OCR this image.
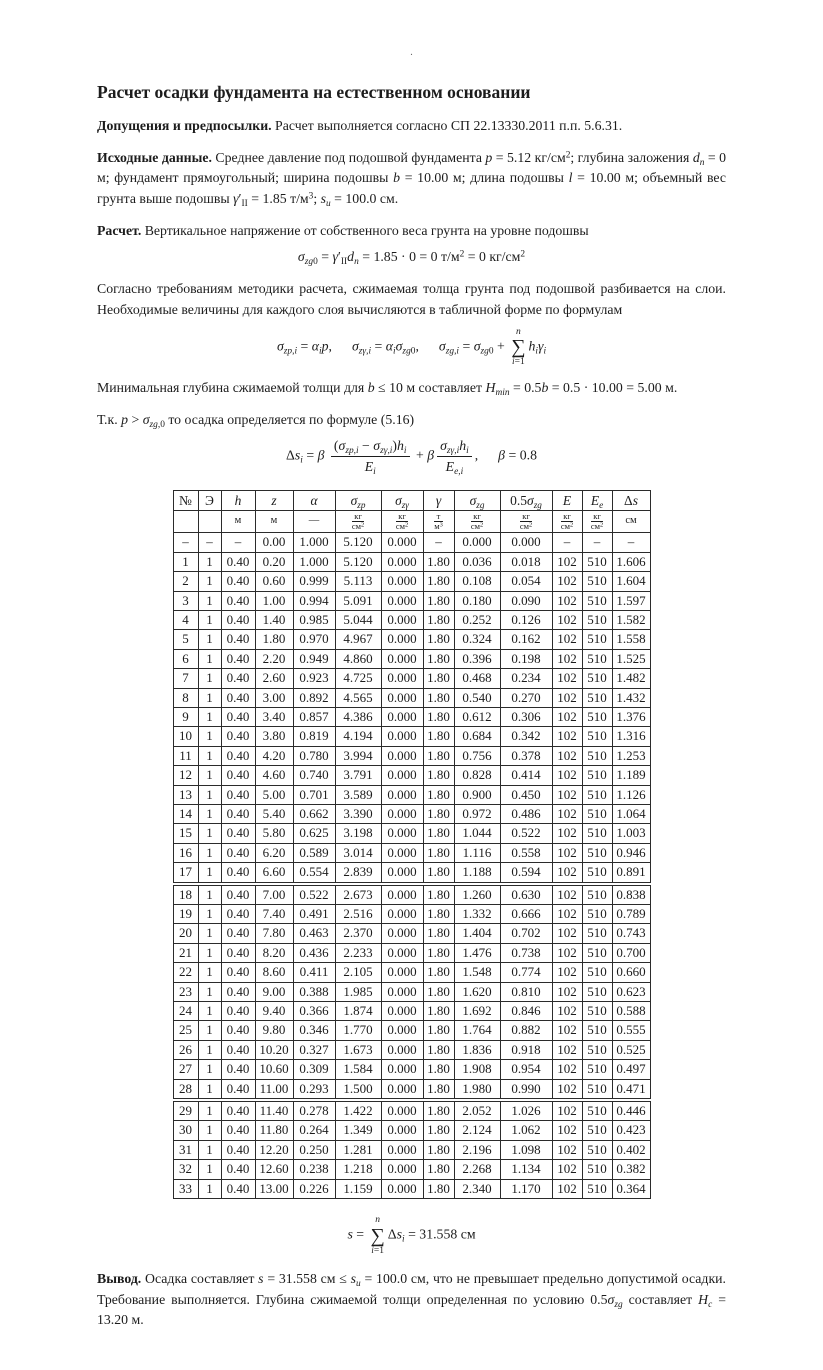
.
Расчет осадки фундамента на естественном основании

Допущения и предпосылки. Расчет выполняется согласно СП 22.13330.2011 п.п. 5.6.31.

Исходные данные. Среднее давление под подошвой фундамента p = 5.12 $кг/см^2$; глубина заложения $d_n = 0$ м; фундамент прямоугольный; ширина подошвы b = 10.00 м; длина подошвы l = 10.00 м; объемный вес грунта выше подошвы $\gamma'_{II} = 1.85$ $т/м^3$; $s_u = 100.0$ см.

Расчет. Вертикальное напряжение от собственного веса грунта на уровне подошвы

$\sigma_{zg0} = \gamma'_{II}d_n = 1.85 \cdot 0 = 0$ $т/м^2 = 0$ $кг/см^2$

Согласно требованиям методики расчета, сжимаемая толща грунта под подошвой разбивается на слои. Необходимые величины для каждого слоя вычисляются в табличной форме по формулам

$\sigma_{zp,i} = \alpha_ip$, $\sigma_{z\gamma,i} = \alpha_i\sigma_{zg0}$, $\sigma_{zg,i} = \sigma_{zg0}$ +
n
∑
i=1
$h_i\gamma_i$

Минимальная глубина сжимаемой толщи для b ≤ 10 м составляет $H_{min} = 0.5b = 0.5 \cdot 10.00 = 5.00$ м.

Т.к. $p > \sigma_{zg,0}$ то осадка определяется по формуле (5.16)

$\Delta s_i = \beta \frac{(\sigma_{zp,i} - \sigma_{z\gamma,i})h_i}{E_i} + \beta \frac{\sigma_{z\gamma,i}h_i}{E_{e,i}}$ , β = 0.8
№	Э	h	z	α	$\sigma_{zp}$	$\sigma_{z\gamma}$	γ	$\sigma_{zg}$	$0.5\sigma_{zg}$	E	$E_e$	Δs
		м	м	—	$\frac{кг}{см^2}$	$\frac{кг}{см^2}$	$\frac{т}{м^3}$	$\frac{кг}{см^2}$	$\frac{кг}{см^2}$	$\frac{кг}{см^2}$	$\frac{кг}{см^2}$	см
–	–	–	0.00	1.000	5.120	0.000	–	0.000	0.000	–	–	–
1	1	0.40	0.20	1.000	5.120	0.000	1.80	0.036	0.018	102	510	1.606
2	1	0.40	0.60	0.999	5.113	0.000	1.80	0.108	0.054	102	510	1.604
3	1	0.40	1.00	0.994	5.091	0.000	1.80	0.180	0.090	102	510	1.597
4	1	0.40	1.40	0.985	5.044	0.000	1.80	0.252	0.126	102	510	1.582
5	1	0.40	1.80	0.970	4.967	0.000	1.80	0.324	0.162	102	510	1.558
6	1	0.40	2.20	0.949	4.860	0.000	1.80	0.396	0.198	102	510	1.525
7	1	0.40	2.60	0.923	4.725	0.000	1.80	0.468	0.234	102	510	1.482
8	1	0.40	3.00	0.892	4.565	0.000	1.80	0.540	0.270	102	510	1.432
9	1	0.40	3.40	0.857	4.386	0.000	1.80	0.612	0.306	102	510	1.376
10	1	0.40	3.80	0.819	4.194	0.000	1.80	0.684	0.342	102	510	1.316
11	1	0.40	4.20	0.780	3.994	0.000	1.80	0.756	0.378	102	510	1.253
12	1	0.40	4.60	0.740	3.791	0.000	1.80	0.828	0.414	102	510	1.189
13	1	0.40	5.00	0.701	3.589	0.000	1.80	0.900	0.450	102	510	1.126
14	1	0.40	5.40	0.662	3.390	0.000	1.80	0.972	0.486	102	510	1.064
15	1	0.40	5.80	0.625	3.198	0.000	1.80	1.044	0.522	102	510	1.003
16	1	0.40	6.20	0.589	3.014	0.000	1.80	1.116	0.558	102	510	0.946
17	1	0.40	6.60	0.554	2.839	0.000	1.80	1.188	0.594	102	510	0.891
18	1	0.40	7.00	0.522	2.673	0.000	1.80	1.260	0.630	102	510	0.838
19	1	0.40	7.40	0.491	2.516	0.000	1.80	1.332	0.666	102	510	0.789
20	1	0.40	7.80	0.463	2.370	0.000	1.80	1.404	0.702	102	510	0.743
21	1	0.40	8.20	0.436	2.233	0.000	1.80	1.476	0.738	102	510	0.700
22	1	0.40	8.60	0.411	2.105	0.000	1.80	1.548	0.774	102	510	0.660
23	1	0.40	9.00	0.388	1.985	0.000	1.80	1.620	0.810	102	510	0.623
24	1	0.40	9.40	0.366	1.874	0.000	1.80	1.692	0.846	102	510	0.588
25	1	0.40	9.80	0.346	1.770	0.000	1.80	1.764	0.882	102	510	0.555
26	1	0.40	10.20	0.327	1.673	0.000	1.80	1.836	0.918	102	510	0.525
27	1	0.40	10.60	0.309	1.584	0.000	1.80	1.908	0.954	102	510	0.497
28	1	0.40	11.00	0.293	1.500	0.000	1.80	1.980	0.990	102	510	0.471
29	1	0.40	11.40	0.278	1.422	0.000	1.80	2.052	1.026	102	510	0.446
30	1	0.40	11.80	0.264	1.349	0.000	1.80	2.124	1.062	102	510	0.423
31	1	0.40	12.20	0.250	1.281	0.000	1.80	2.196	1.098	102	510	0.402
32	1	0.40	12.60	0.238	1.218	0.000	1.80	2.268	1.134	102	510	0.382
33	1	0.40	13.00	0.226	1.159	0.000	1.80	2.340	1.170	102	510	0.364
s =
n
∑
i=1
$\Delta s_i = 31.558$ см

Вывод. Осадка составляет s = 31.558 см ≤ $s_u = 100.0$ см, что не превышает предельно допустимой осадки. Требование выполняется. Глубина сжимаемой толщи определенная по условию $0.5\sigma_{zg}$ составляет $H_c = 13.20$ м.
